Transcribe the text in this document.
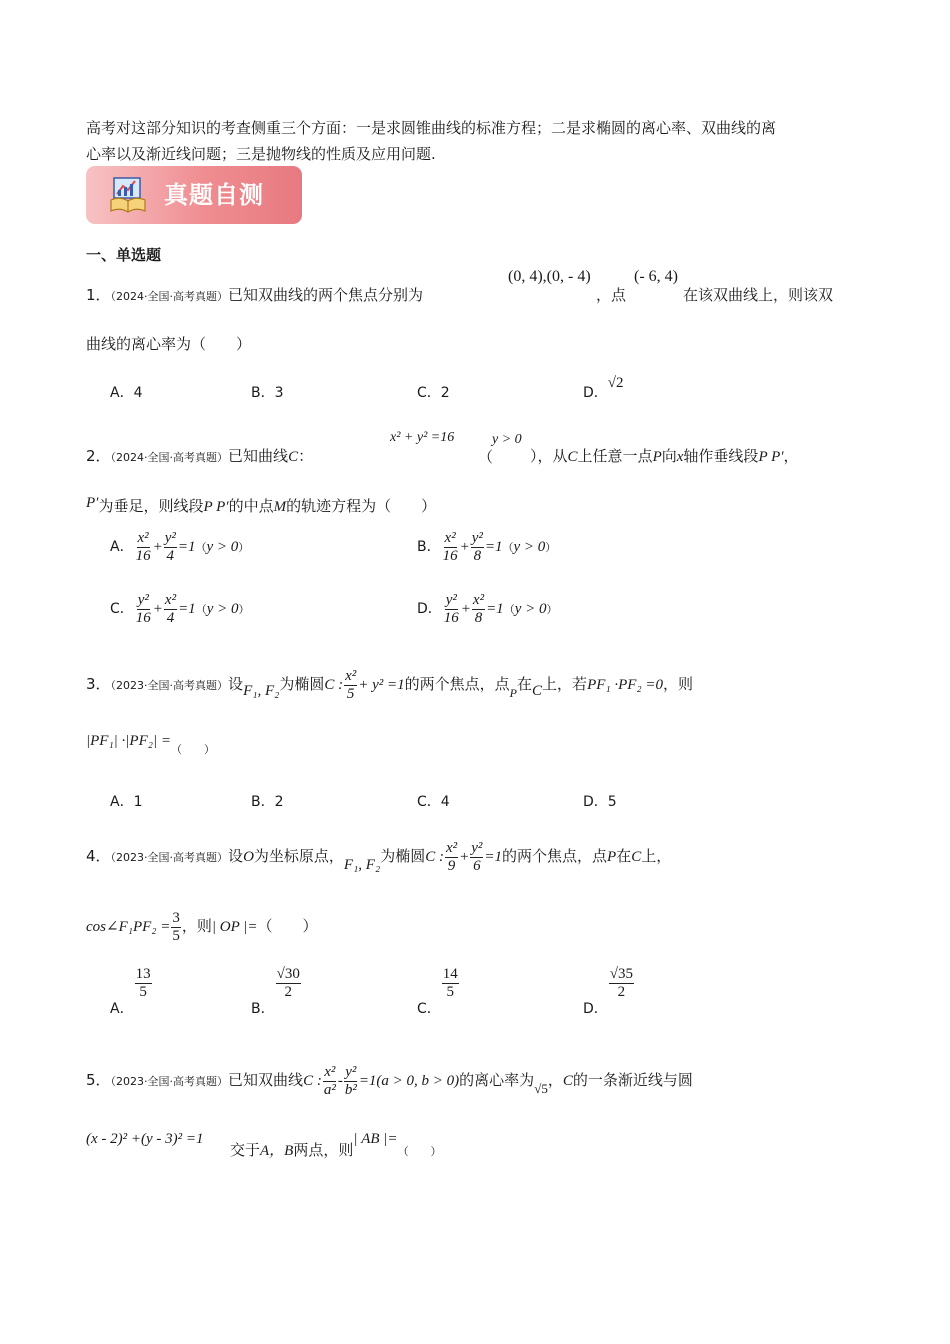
高考对这部分知识的考查侧重三个方面：一是求圆锥曲线的标准方程；二是求椭圆的离心率、双曲线的离
心率以及渐近线问题；三是抛物线的性质及应用问题.
真题自测
一、单选题
1．（2024·全国·高考真题）已知双曲线的两个焦点分别为
(0, 4),(0, - 4)
，点
(- 6, 4)
在该双曲线上，则该双
曲线的离心率为（　　）
A．4	B．3	C．2	D．√2
2．（2024·全国·高考真题）已知曲线C：
x² + y² =16
（
y > 0
），从C上任意一点P向x轴作垂线段P P′，
P′为垂足，则线段P P′的中点M的轨迹方程为（　　）
A． $\frac{\text{x²}}{16} + \frac{\text{y²}}{4} =1(y > 0)$	B． $\frac{\text{x²}}{16} + \frac{\text{y²}}{8} =1(y > 0)$
C． $\frac{\text{y²}}{16} + \frac{\text{x²}}{4} =1(y > 0)$	D． $\frac{\text{y²}}{16} + \frac{\text{x²}}{8} =1(y > 0)$
3．（2023·全国·高考真题）设F₁, F₂为椭圆C : $\frac{\text{x²}}{5} + y^2 =1$的两个焦点，点$_P$在C上，若PF₁ ·PF₂ =0，则
$|PF_1| \cdot|PF_2| =_{( )}$
A．1	B．2	C．4	D．5
4．（2023·全国·高考真题）设O为坐标原点，F₁, F₂为椭圆C : $\frac{\text{x²}}{9} + \frac{\text{y²}}{6} =1$的两个焦点，点P在C上，
cos∠F₁PF₂ = $\frac{3}{5}$ ，则| OP |=（　　）
A．
$\frac{13}{5}$
B．
$\frac{√30}{2}$
C．
$\frac{14}{5}$
D．
$\frac{√35}{2}$
5．（2023·全国·高考真题）已知双曲线C : $\frac{\text{x²}}{\text{a²}} - \frac{\text{y²}}{\text{b²}} =1(a > 0$, b > 0)的离心率为√5，C的一条渐近线与圆
(x - 2)² +(y - 3)² =1
交于A，B两点，则| AB |=（　　）
